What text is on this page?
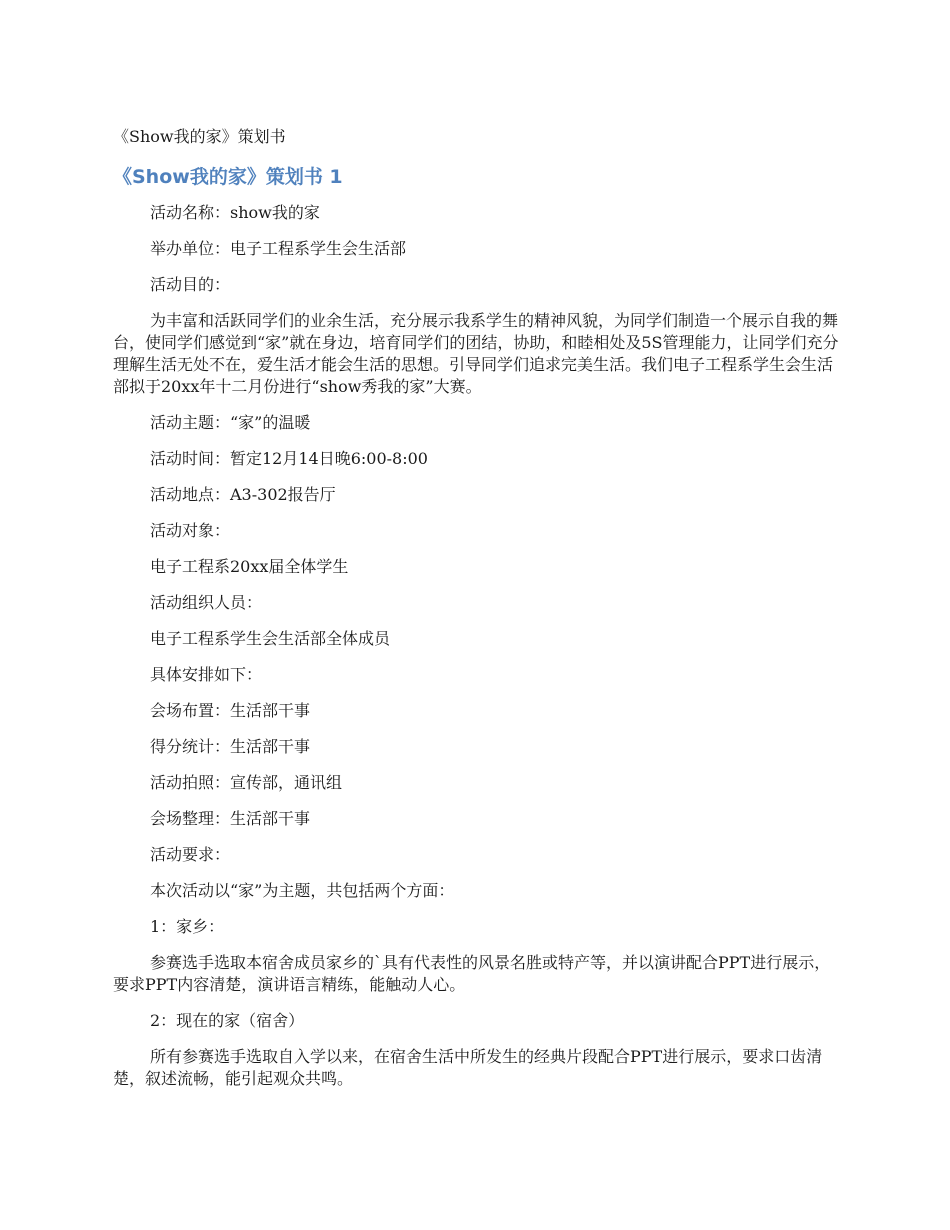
《Show我的家》策划书
《Show我的家》策划书 1

活动名称：show我的家

举办单位：电子工程系学生会生活部

活动目的：

为丰富和活跃同学们的业余生活，充分展示我系学生的精神风貌，为同学们制造一个展示自我的舞台，使同学们感觉到“家”就在身边，培育同学们的团结，协助，和睦相处及5S管理能力，让同学们充分理解生活无处不在，爱生活才能会生活的思想。引导同学们追求完美生活。我们电子工程系学生会生活部拟于20xx年十二月份进行“show秀我的家”大赛。

活动主题：“家”的温暖

活动时间：暂定12月14日晚6:00-8:00

活动地点：A3-302报告厅

活动对象：

电子工程系20xx届全体学生

活动组织人员：

电子工程系学生会生活部全体成员

具体安排如下：

会场布置：生活部干事

得分统计：生活部干事

活动拍照：宣传部，通讯组

会场整理：生活部干事

活动要求：

本次活动以“家”为主题，共包括两个方面：

1：家乡：

参赛选手选取本宿舍成员家乡的`具有代表性的风景名胜或特产等，并以演讲配合PPT进行展示，要求PPT内容清楚，演讲语言精练，能触动人心。

2：现在的家（宿舍）

所有参赛选手选取自入学以来，在宿舍生活中所发生的经典片段配合PPT进行展示，要求口齿清楚，叙述流畅，能引起观众共鸣。
